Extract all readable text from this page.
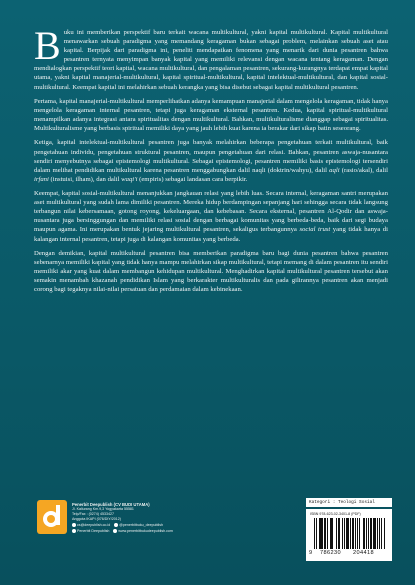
Buku ini memberikan perspektif baru terkait wacana multikultural, yakni kapital multikultural. Kapital multikultural menawarkan sebuah paradigma yang memandang keragaman bukan sebagai problem, melainkan sebuah aset atau kapital. Berpijak dari paradigma ini, peneliti mendapatkan fenomena yang menarik dari dunia pesantren bahwa pesantren ternyata menyimpan banyak kapital yang memiliki relevansi dengan wacana tentang keragaman. Dengan mendialogkan perspektif teori kapital, wacana multikultural, dan pengalaman pesantren, sekurang-kurangnya terdapat empat kapital utama, yakni kapital manajerial-multikultural, kapital spiritual-multikultural, kapital intelektual-multikultural, dan kapital sosial-multikultural. Keempat kapital ini melahirkan sebuah kerangka yang bisa disebut sebagai kapital multikultural pesantren.

Pertama, kapital manajerial-multikultural memperlihatkan adanya kemampuan manajerial dalam mengelola keragaman, tidak hanya mengelola keragaman internal pesantren, tetapi juga keragaman eksternal pesantren. Kedua, kapital spiritual-multikultural menampilkan adanya integrasi antara spiritualitas dengan multikultural. Bahkan, multikulturalisme dianggap sebagai spiritualitas. Multikulturalisme yang berbasis spiritual memiliki daya yang jauh lebih kuat karena ia berakar dari sikap batin seseorang.

Ketiga, kapital intelektual-multikultural pesantren juga banyak melahirkan beberapa pengetahuan terkait multikultural, baik pengetahuan individu, pengetahuan struktural pesantren, maupun pengetahuan dari relasi. Bahkan, pesantren aswaja-nusantara sendiri menyebutnya sebagai epistemologi multikultural. Sebagai epistemologi, pesantren memiliki basis epistemologi tersendiri dalam melihat pendidikan multikultural karena pesantren menggabungkan dalil naqli (doktrin/wahyu), dalil aqli (rasio/akal), dalil irfani (instuisi, ilham), dan dalil waqi'i (empiris) sebagai landasan cara berpikir.

Keempat, kapital sosial-multikultural menanjukkan jangkauan relasi yang lebih luas. Secara internal, keragaman santri merupakan aset multikultural yang sudah lama dimiliki pesantren. Mereka hidup berdampingan sepanjang hari sehingga secara tidak langsung terbangun nilai kebersamaan, gotong royong, kekeluargaan, dan kebebasan. Secara eksternal, pesantren Al-Qodir dan aswaja-nusantara juga bersinggungan dan memiliki relasi sosial dengan berbagai komunitas yang berbeda-beda, baik dari segi budaya maupun agama. Ini merupakan bentuk jejaring multikultural pesantren, sekaligus terbangunnya social trust yang tidak hanya di kalangan internal pesantren, tetapi juga di kalangan komunitas yang berbeda.

Dengan demikian, kapital multikultural pesantren bisa memberikan paradigma baru bagi dunia pesantren bahwa pesantren sebenarnya memiliki kapital yang tidak hanya mampu melahirkan sikap multikultural, tetapi memang di dalam pesantren itu sendiri memiliki akar yang kuat dalam membangun kehidupan multikultural. Menghadirkan kapital multikultural pesantren tersebut akan semakin menambah khazanah pendidikan Islam yang berkarakter multikulturalis dan pada gilirannya pesantren akan menjadi corong bagi tegaknya nilai-nilai persatuan dan perdamaian dalam kebinekaan.

Penerbit Deepublish (CV BUDI UTAMA)
Jl. Kaliurang Km.9,3 Yogyakarta 55581
Telp/Fax : (0274) 4533427
Anggota IKAPI (076/DIY/2012)
cs@deepublish.co.id	@penerbitbuku_deepublish
Penerbit Deepublish	www.penerbitbukudeepublish.com
Kategori : Teologi Sosial
ISBN 978-623-02-3401-8 (PDF)
9 786230 204418
